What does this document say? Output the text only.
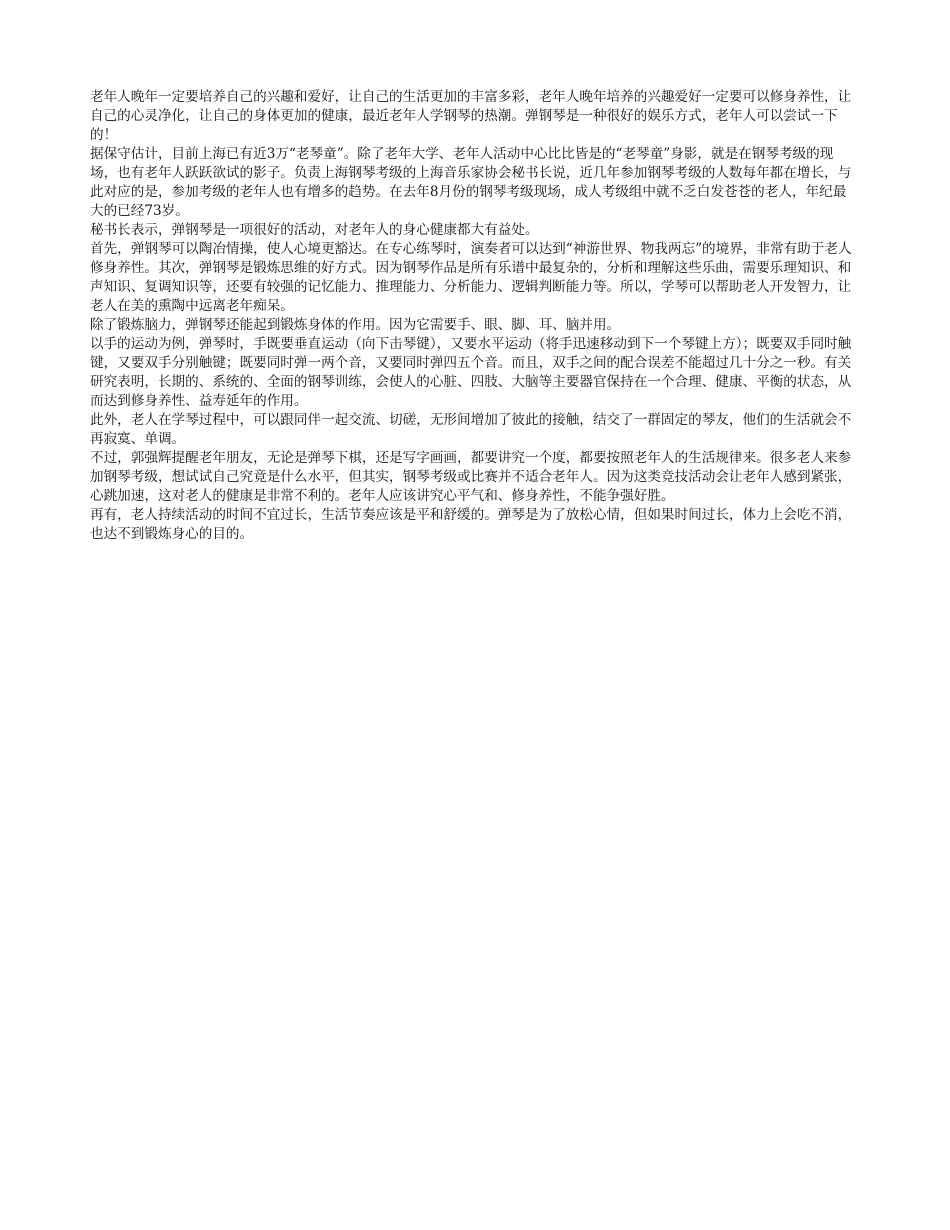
老年人晚年一定要培养自己的兴趣和爱好，让自己的生活更加的丰富多彩，老年人晚年培养的兴趣爱好一定要可以修身养性，让自己的心灵净化，让自己的身体更加的健康，最近老年人学钢琴的热潮。弹钢琴是一种很好的娱乐方式，老年人可以尝试一下的！

据保守估计，目前上海已有近3万“老琴童”。除了老年大学、老年人活动中心比比皆是的“老琴童”身影，就是在钢琴考级的现场，也有老年人跃跃欲试的影子。负责上海钢琴考级的上海音乐家协会秘书长说，近几年参加钢琴考级的人数每年都在增长，与此对应的是，参加考级的老年人也有增多的趋势。在去年8月份的钢琴考级现场，成人考级组中就不乏白发苍苍的老人，年纪最大的已经73岁。

秘书长表示，弹钢琴是一项很好的活动，对老年人的身心健康都大有益处。

首先，弹钢琴可以陶冶情操，使人心境更豁达。在专心练琴时，演奏者可以达到“神游世界、物我两忘”的境界，非常有助于老人修身养性。其次，弹钢琴是锻炼思维的好方式。因为钢琴作品是所有乐谱中最复杂的，分析和理解这些乐曲，需要乐理知识、和声知识、复调知识等，还要有较强的记忆能力、推理能力、分析能力、逻辑判断能力等。所以，学琴可以帮助老人开发智力，让老人在美的熏陶中远离老年痴呆。

除了锻炼脑力，弹钢琴还能起到锻炼身体的作用。因为它需要手、眼、脚、耳、脑并用。

以手的运动为例，弹琴时，手既要垂直运动（向下击琴键），又要水平运动（将手迅速移动到下一个琴键上方）；既要双手同时触键，又要双手分别触键；既要同时弹一两个音，又要同时弹四五个音。而且，双手之间的配合误差不能超过几十分之一秒。有关研究表明，长期的、系统的、全面的钢琴训练，会使人的心脏、四肢、大脑等主要器官保持在一个合理、健康、平衡的状态，从而达到修身养性、益寿延年的作用。

此外，老人在学琴过程中，可以跟同伴一起交流、切磋，无形间增加了彼此的接触，结交了一群固定的琴友，他们的生活就会不再寂寞、单调。

不过，郭强辉提醒老年朋友，无论是弹琴下棋，还是写字画画，都要讲究一个度，都要按照老年人的生活规律来。很多老人来参加钢琴考级，想试试自己究竟是什么水平，但其实，钢琴考级或比赛并不适合老年人。因为这类竞技活动会让老年人感到紧张，心跳加速，这对老人的健康是非常不利的。老年人应该讲究心平气和、修身养性，不能争强好胜。

再有，老人持续活动的时间不宜过长，生活节奏应该是平和舒缓的。弹琴是为了放松心情，但如果时间过长，体力上会吃不消，也达不到锻炼身心的目的。
